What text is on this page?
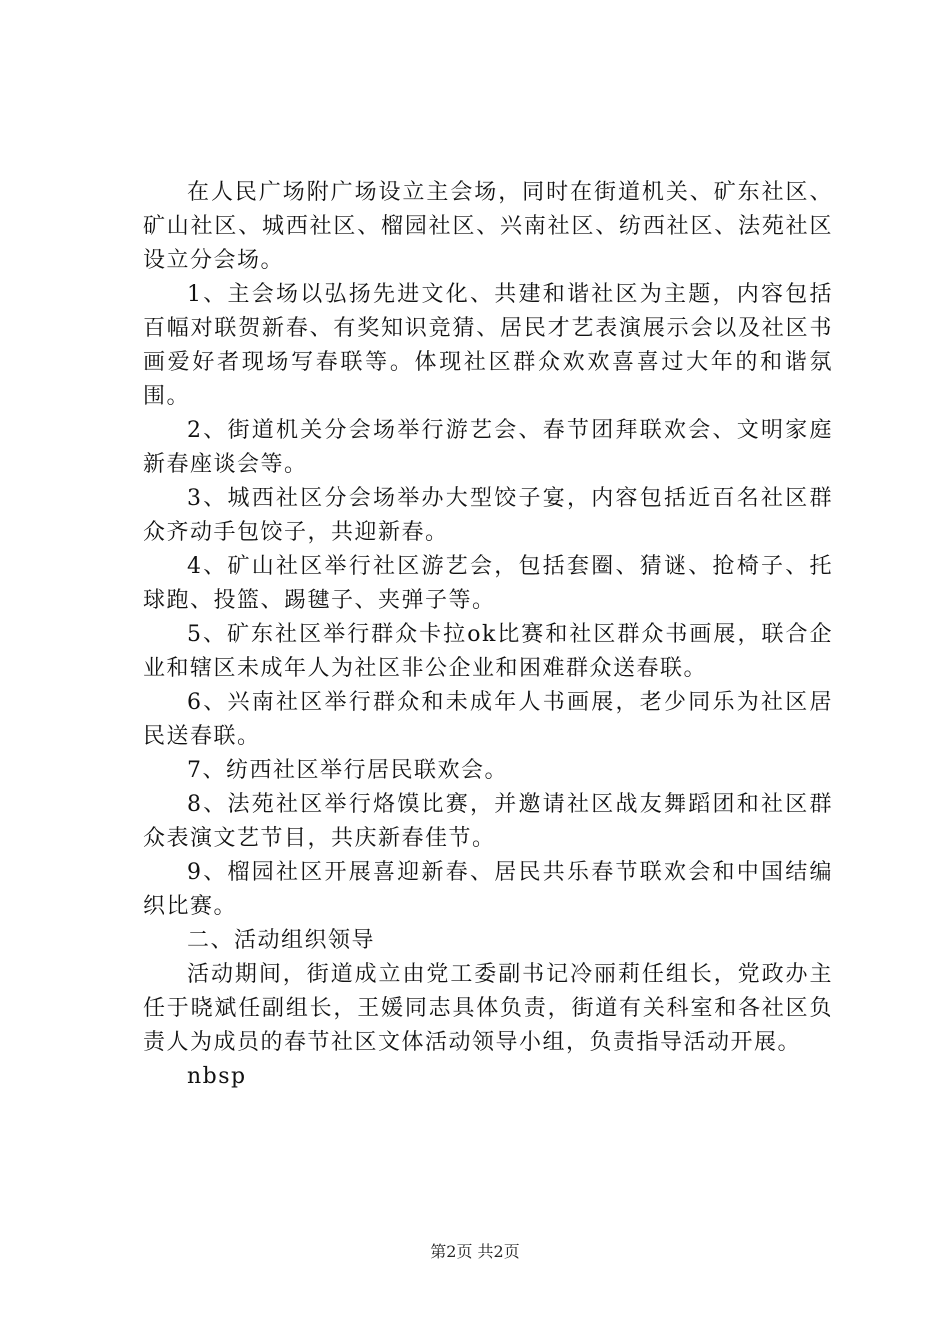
在人民广场附广场设立主会场，同时在街道机关、矿东社区、矿山社区、城西社区、榴园社区、兴南社区、纺西社区、法苑社区设立分会场。

1、主会场以弘扬先进文化、共建和谐社区为主题，内容包括百幅对联贺新春、有奖知识竞猜、居民才艺表演展示会以及社区书画爱好者现场写春联等。体现社区群众欢欢喜喜过大年的和谐氛围。

2、街道机关分会场举行游艺会、春节团拜联欢会、文明家庭新春座谈会等。

3、城西社区分会场举办大型饺子宴，内容包括近百名社区群众齐动手包饺子，共迎新春。

4、矿山社区举行社区游艺会，包括套圈、猜谜、抢椅子、托球跑、投篮、踢毽子、夹弹子等。

5、矿东社区举行群众卡拉ok比赛和社区群众书画展，联合企业和辖区未成年人为社区非公企业和困难群众送春联。

6、兴南社区举行群众和未成年人书画展，老少同乐为社区居民送春联。

7、纺西社区举行居民联欢会。

8、法苑社区举行烙馍比赛，并邀请社区战友舞蹈团和社区群众表演文艺节目，共庆新春佳节。

9、榴园社区开展喜迎新春、居民共乐春节联欢会和中国结编织比赛。

二、活动组织领导

活动期间，街道成立由党工委副书记冷丽莉任组长，党政办主任于晓斌任副组长，王媛同志具体负责，街道有关科室和各社区负责人为成员的春节社区文体活动领导小组，负责指导活动开展。

nbsp

第2页 共2页
